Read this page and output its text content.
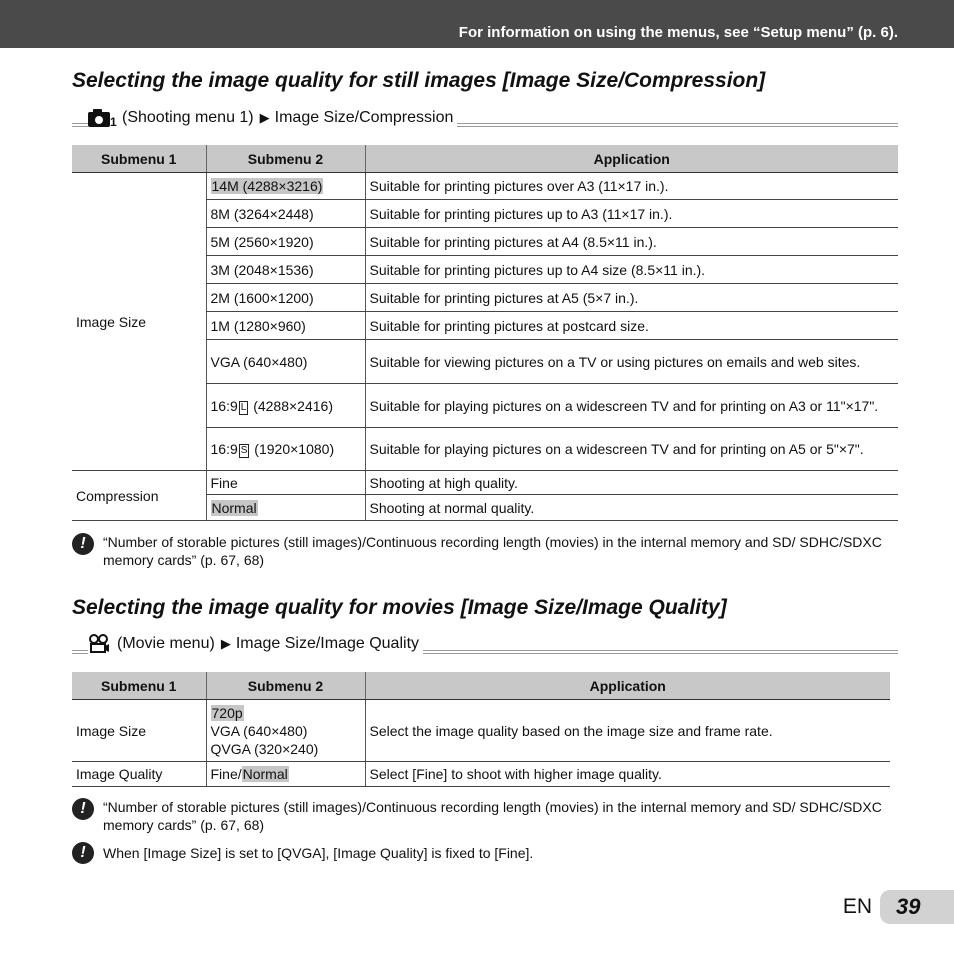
For information on using the menus, see “Setup menu” (p. 6).
Selecting the image quality for still images [Image Size/Compression]
1 (Shooting menu 1) ▶ Image Size/Compression
Submenu 1	Submenu 2	Application
Image Size	14M (4288×3216)	Suitable for printing pictures over A3 (11×17 in.).
	8M (3264×2448)	Suitable for printing pictures up to A3 (11×17 in.).
	5M (2560×1920)	Suitable for printing pictures at A4 (8.5×11 in.).
	3M (2048×1536)	Suitable for printing pictures up to A4 size (8.5×11 in.).
	2M (1600×1200)	Suitable for printing pictures at A5 (5×7 in.).
	1M (1280×960)	Suitable for printing pictures at postcard size.
	VGA (640×480)	Suitable for viewing pictures on a TV or using pictures on emails and web sites.
	16:9 L (4288×2416)	Suitable for playing pictures on a widescreen TV and for printing on A3 or 11"×17".
	16:9 S (1920×1080)	Suitable for playing pictures on a widescreen TV and for printing on A5 or 5"×7".
Compression	Fine	Shooting at high quality.
	Normal	Shooting at normal quality.
!	“Number of storable pictures (still images)/Continuous recording length (movies) in the internal memory and SD/ SDHC/SDXC memory cards” (p. 67, 68)
Selecting the image quality for movies [Image Size/Image Quality]
(Movie menu) ▶ Image Size/Image Quality
Submenu 1	Submenu 2	Application
Image Size	720p
VGA (640×480)
QVGA (320×240)	Select the image quality based on the image size and frame rate.
Image Quality	Fine/Normal	Select [Fine] to shoot with higher image quality.
!	“Number of storable pictures (still images)/Continuous recording length (movies) in the internal memory and SD/ SDHC/SDXC memory cards” (p. 67, 68)
!	When [Image Size] is set to [QVGA], [Image Quality] is fixed to [Fine].
EN 39
